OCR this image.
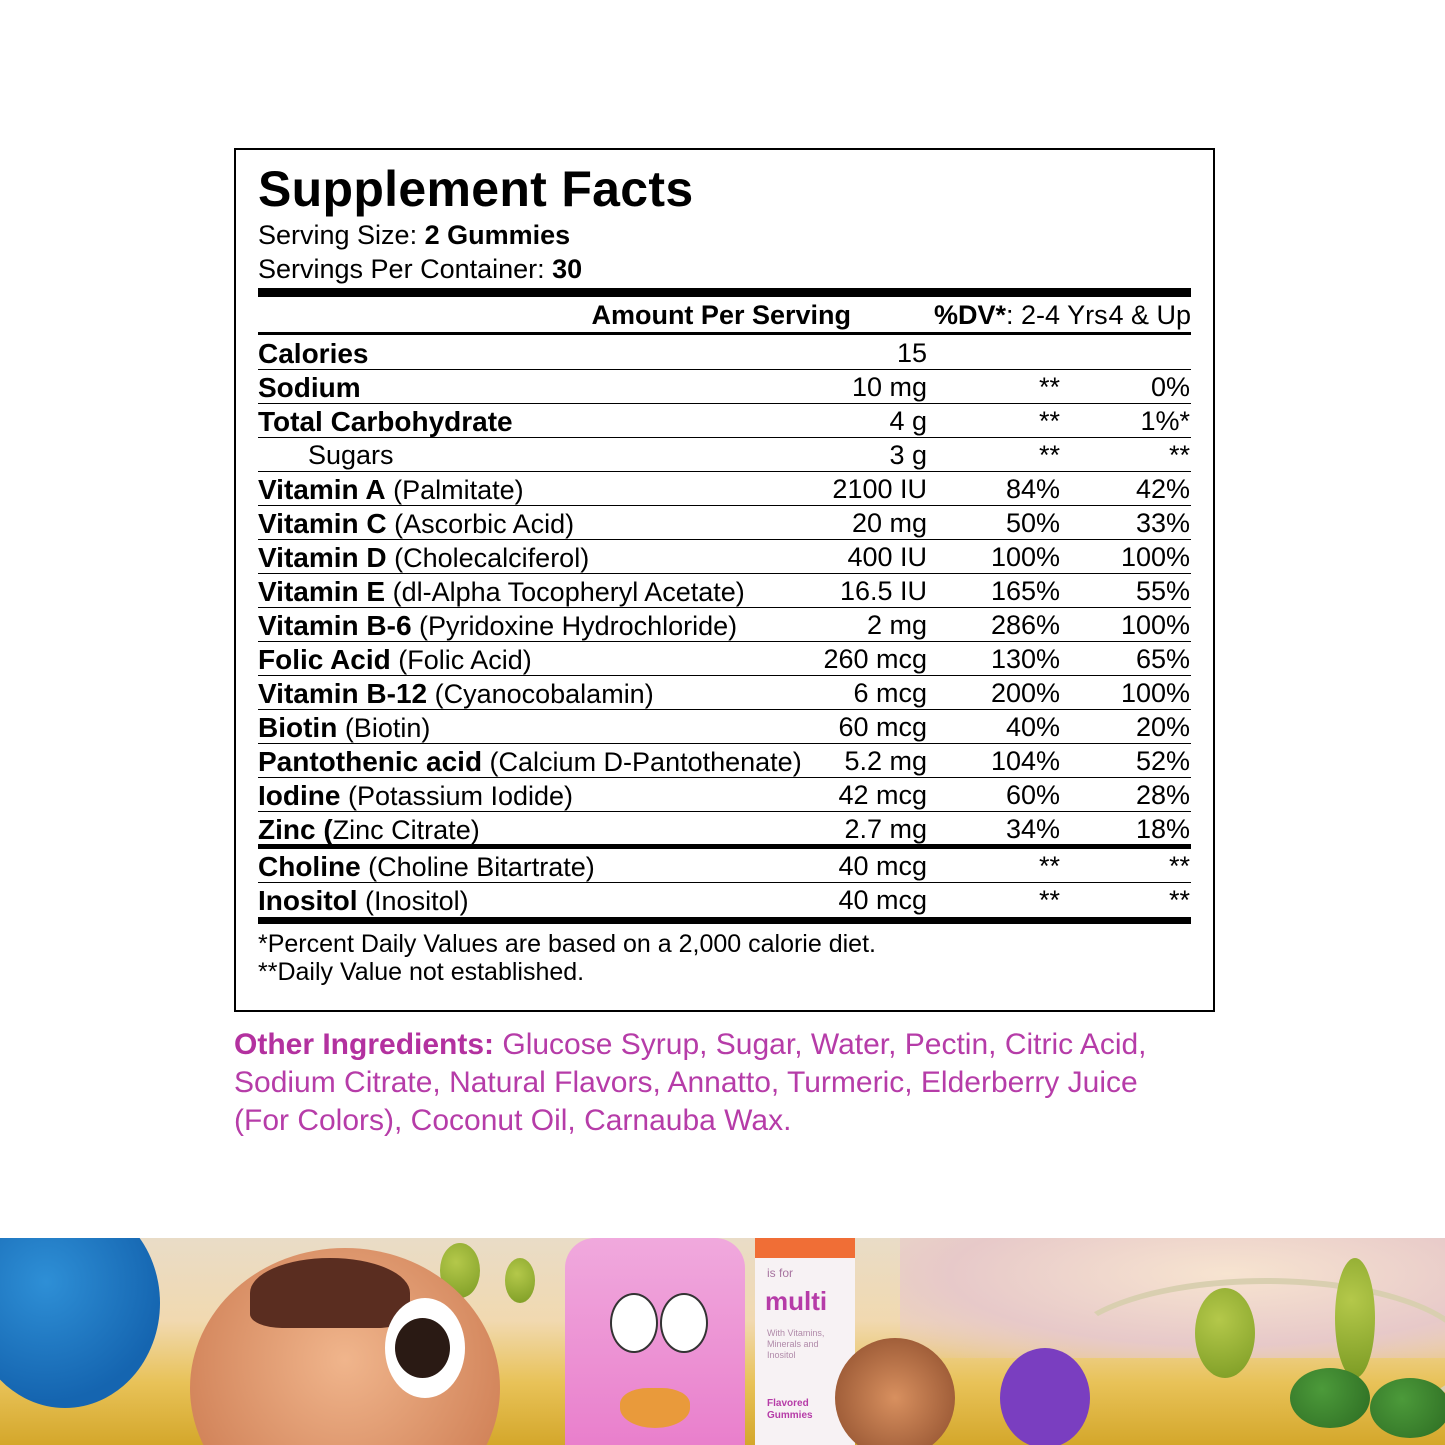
Supplement Facts
Serving Size: 2 Gummies
Servings Per Container: 30
Amount Per Serving	%DV*: 2-4 Yrs 4 & Up
Calories	15
Sodium	10 mg	**	0%
Total Carbohydrate	4 g	**	1%*
Sugars	3 g	**	**
Vitamin A (Palmitate)	2100 IU	84%	42%
Vitamin C (Ascorbic Acid)	20 mg	50%	33%
Vitamin D (Cholecalciferol)	400 IU 100% 100%
Vitamin E (dl-Alpha Tocopheryl Acetate)	16.5 IU 165%	55%
Vitamin B-6 (Pyridoxine Hydrochloride)	2 mg 286% 100%
Folic Acid (Folic Acid)	260 mcg 130%	65%
Vitamin B-12 (Cyanocobalamin)	6 mcg 200% 100%
Biotin (Biotin)	60 mcg	40%	20%
Pantothenic acid (Calcium D-Pantothenate) 5.2 mg 104%	52%
Iodine (Potassium Iodide)	42 mcg	60%	28%
Zinc (Zinc Citrate)	2.7 mg	34%	18%
Choline (Choline Bitartrate)	40 mcg	**	**
Inositol (Inositol)	40 mcg	**	**
*Percent Daily Values are based on a 2,000 calorie diet.
**Daily Value not established.
Other Ingredients: Glucose Syrup, Sugar, Water, Pectin, Citric Acid, Sodium Citrate, Natural Flavors, Annatto, Turmeric, Elderberry Juice (For Colors), Coconut Oil, Carnauba Wax.
is for
multi
With Vitamins, Minerals and Inositol
Flavored Gummies
